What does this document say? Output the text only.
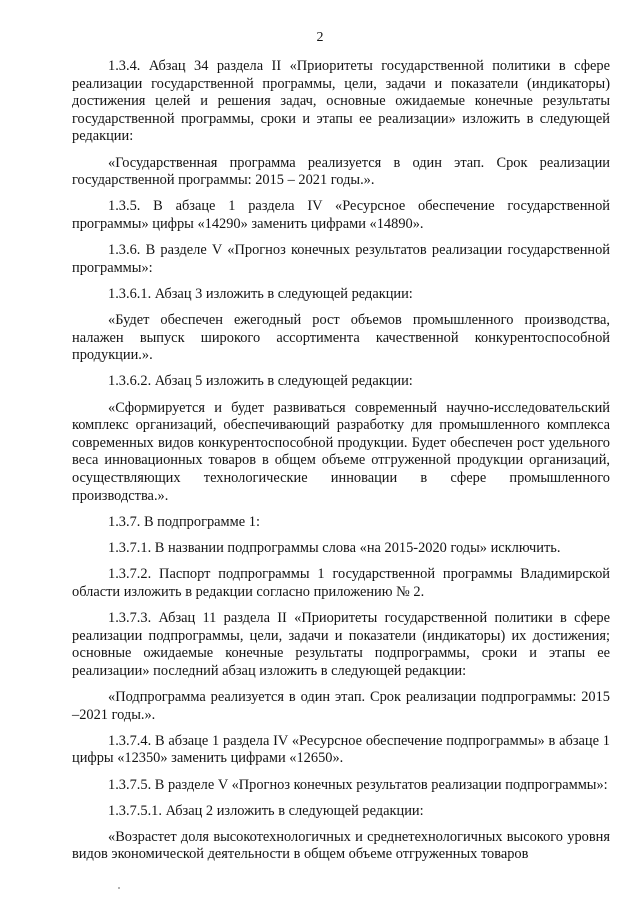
2

1.3.4. Абзац 34 раздела II «Приоритеты государственной политики в сфере реализации государственной программы, цели, задачи и показатели (индикаторы) достижения целей и решения задач, основные ожидаемые конечные результаты государственной программы, сроки и этапы ее реализации» изложить в следующей редакции:

«Государственная программа реализуется в один этап. Срок реализации государственной программы: 2015 – 2021 годы.».

1.3.5. В абзаце 1 раздела IV «Ресурсное обеспечение государственной программы» цифры «14290» заменить цифрами «14890».

1.3.6. В разделе V «Прогноз конечных результатов реализации государственной программы»:

1.3.6.1. Абзац 3 изложить в следующей редакции:

«Будет обеспечен ежегодный рост объемов промышленного производства, налажен выпуск широкого ассортимента качественной конкурентоспособной продукции.».

1.3.6.2. Абзац 5 изложить в следующей редакции:

«Сформируется и будет развиваться современный научно-исследовательский комплекс организаций, обеспечивающий разработку для промышленного комплекса современных видов конкурентоспособной продукции. Будет обеспечен рост удельного веса инновационных товаров в общем объеме отгруженной продукции организаций, осуществляющих технологические инновации в сфере промышленного производства.».

1.3.7. В подпрограмме 1:

1.3.7.1. В названии подпрограммы слова «на 2015-2020 годы» исключить.

1.3.7.2. Паспорт подпрограммы 1 государственной программы Владимирской области изложить в редакции согласно приложению № 2.

1.3.7.3. Абзац 11 раздела II «Приоритеты государственной политики в сфере реализации подпрограммы, цели, задачи и показатели (индикаторы) их достижения; основные ожидаемые конечные результаты подпрограммы, сроки и этапы ее реализации» последний абзац изложить в следующей редакции:

«Подпрограмма реализуется в один этап. Срок реализации подпрограммы: 2015 –2021 годы.».

1.3.7.4. В абзаце 1 раздела IV «Ресурсное обеспечение подпрограммы» в абзаце 1 цифры «12350» заменить цифрами «12650».

1.3.7.5. В разделе V «Прогноз конечных результатов реализации подпрограммы»:

1.3.7.5.1. Абзац 2 изложить в следующей редакции:

«Возрастет доля высокотехнологичных и среднетехнологичных высокого уровня видов экономической деятельности в общем объеме отгруженных товаров
